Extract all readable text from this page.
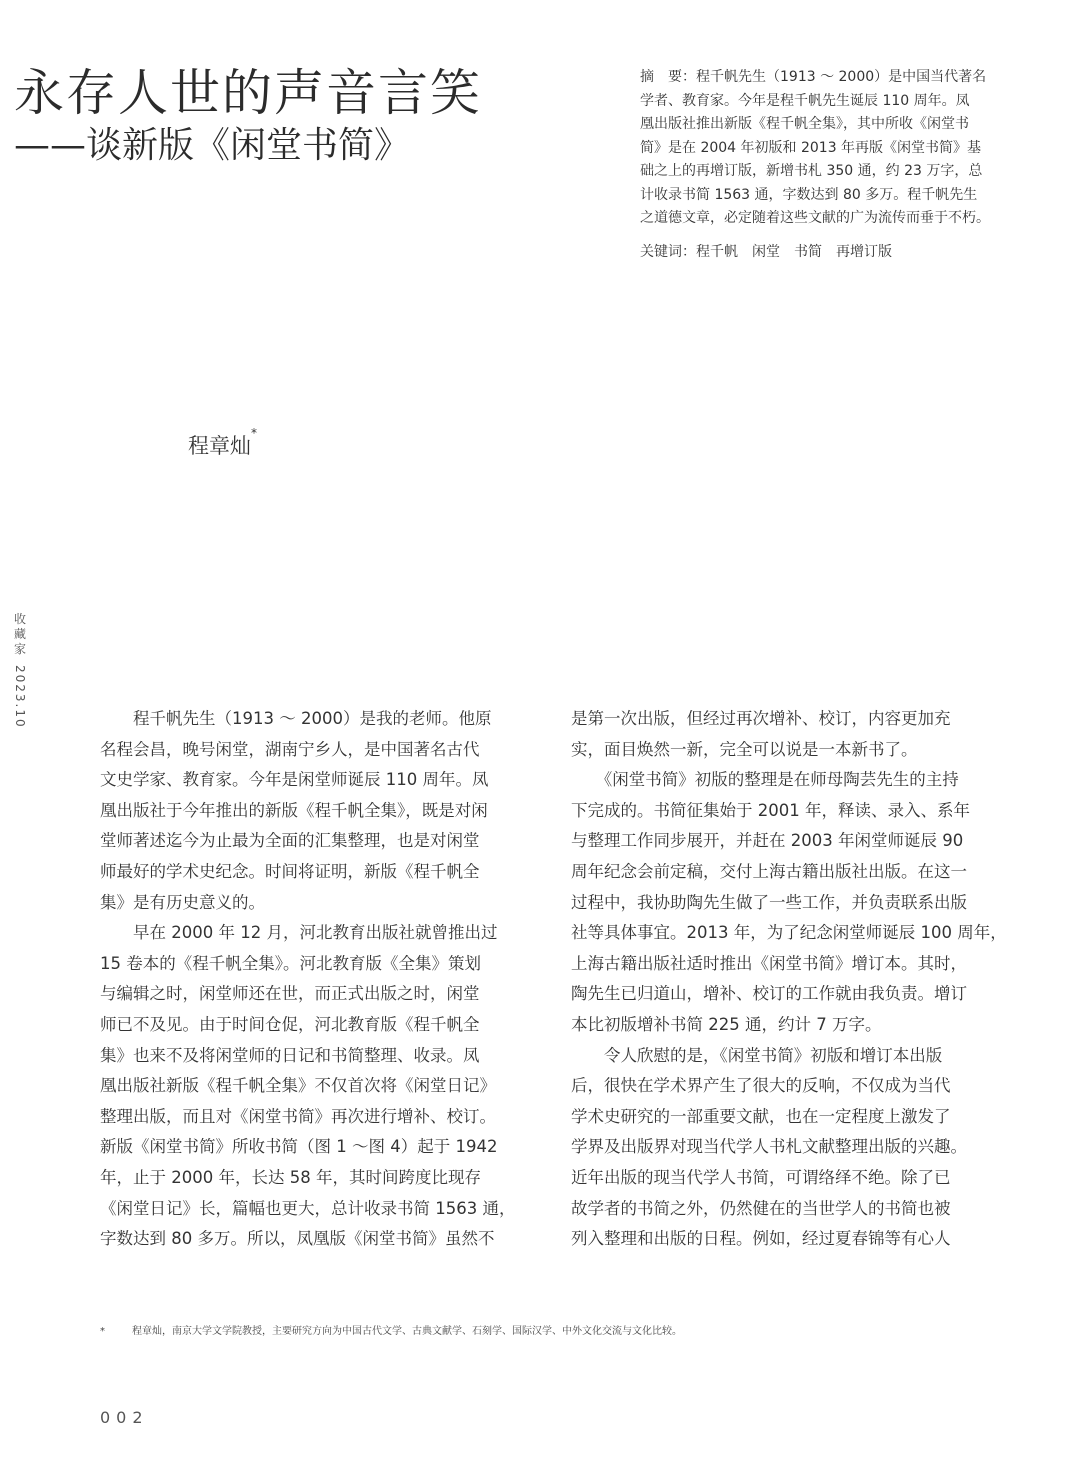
永存人世的声音言笑
——谈新版《闲堂书简》
摘　要：程千帆先生（1913 ～ 2000）是中国当代著名
学者、教育家。今年是程千帆先生诞辰 110 周年。凤
凰出版社推出新版《程千帆全集》，其中所收《闲堂书
简》是在 2004 年初版和 2013 年再版《闲堂书简》基
础之上的再增订版，新增书札 350 通，约 23 万字，总
计收录书简 1563 通，字数达到 80 多万。程千帆先生
之道德文章，必定随着这些文献的广为流传而垂于不朽。
关键词：程千帆 闲堂 书简 再增订版
程章灿*
收
藏
家
2023.10	　　程千帆先生（1913 ～ 2000）是我的老师。他原
名程会昌，晚号闲堂，湖南宁乡人，是中国著名古代
文史学家、教育家。今年是闲堂师诞辰 110 周年。凤
凰出版社于今年推出的新版《程千帆全集》，既是对闲
堂师著述迄今为止最为全面的汇集整理，也是对闲堂
师最好的学术史纪念。时间将证明，新版《程千帆全
集》是有历史意义的。
　　早在 2000 年 12 月，河北教育出版社就曾推出过
15 卷本的《程千帆全集》。河北教育版《全集》策划
与编辑之时，闲堂师还在世，而正式出版之时，闲堂
师已不及见。由于时间仓促，河北教育版《程千帆全
集》也来不及将闲堂师的日记和书简整理、收录。凤
凰出版社新版《程千帆全集》不仅首次将《闲堂日记》
整理出版，而且对《闲堂书简》再次进行增补、校订。
新版《闲堂书简》所收书简（图 1 ～图 4）起于 1942
年，止于 2000 年，长达 58 年，其时间跨度比现存
《闲堂日记》长，篇幅也更大，总计收录书简 1563 通，
字数达到 80 多万。所以，凤凰版《闲堂书简》虽然不
是第一次出版，但经过再次增补、校订，内容更加充
实，面目焕然一新，完全可以说是一本新书了。
　　《闲堂书简》初版的整理是在师母陶芸先生的主持
下完成的。书简征集始于 2001 年，释读、录入、系年
与整理工作同步展开，并赶在 2003 年闲堂师诞辰 90
周年纪念会前定稿，交付上海古籍出版社出版。在这一
过程中，我协助陶先生做了一些工作，并负责联系出版
社等具体事宜。2013 年，为了纪念闲堂师诞辰 100 周年，
上海古籍出版社适时推出《闲堂书简》增订本。其时，
陶先生已归道山，增补、校订的工作就由我负责。增订
本比初版增补书简 225 通，约计 7 万字。
　　令人欣慰的是，《闲堂书简》初版和增订本出版
后，很快在学术界产生了很大的反响，不仅成为当代
学术史研究的一部重要文献，也在一定程度上激发了
学界及出版界对现当代学人书札文献整理出版的兴趣。
近年出版的现当代学人书简，可谓络绎不绝。除了已
故学者的书简之外，仍然健在的当世学人的书简也被
列入整理和出版的日程。例如，经过夏春锦等有心人
*	程章灿，南京大学文学院教授，主要研究方向为中国古代文学、古典文献学、石刻学、国际汉学、中外文化交流与文化比较。
002
